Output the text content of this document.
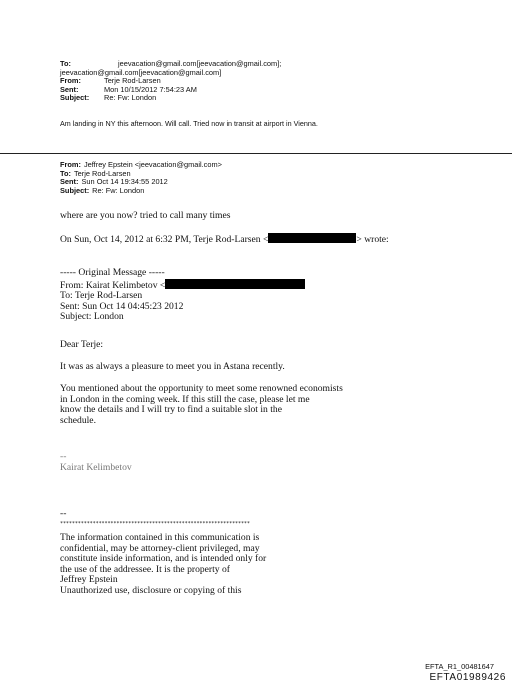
To:	jeevacation@gmail.com[jeevacation@gmail.com];
jeevacation@gmail.com[jeevacation@gmail.com]
From:	Terje Rod-Larsen
Sent:	Mon 10/15/2012 7:54:23 AM
Subject: Re: Fw: London
Am landing in NY this afternoon. Will call. Tried now in transit at airport in Vienna.
From: Jeffrey Epstein <jeevacation@gmail.com>
To: Terje Rod-Larsen
Sent: Sun Oct 14 19:34:55 2012
Subject: Re: Fw: London
where are you now? tried to call many times
On Sun, Oct 14, 2012 at 6:32 PM, Terje Rod-Larsen <	> wrote:
----- Original Message -----
From: Kairat Kelimbetov <
To: Terje Rod-Larsen
Sent: Sun Oct 14 04:45:23 2012
Subject: London
Dear Terje:
It was as always a pleasure to meet you in Astana recently.
You mentioned about the opportunity to meet some renowned economists
in London in the coming week. If this still the case, please let me
know the details and I will try to find a suitable slot in the
schedule.
--
Kairat Kelimbetov
--
****************************************************************
The information contained in this communication is
confidential, may be attorney-client privileged, may
constitute inside information, and is intended only for
the use of the addressee. It is the property of
Jeffrey Epstein
Unauthorized use, disclosure or copying of this
EFTA_R1_00481647
EFTA01989426
